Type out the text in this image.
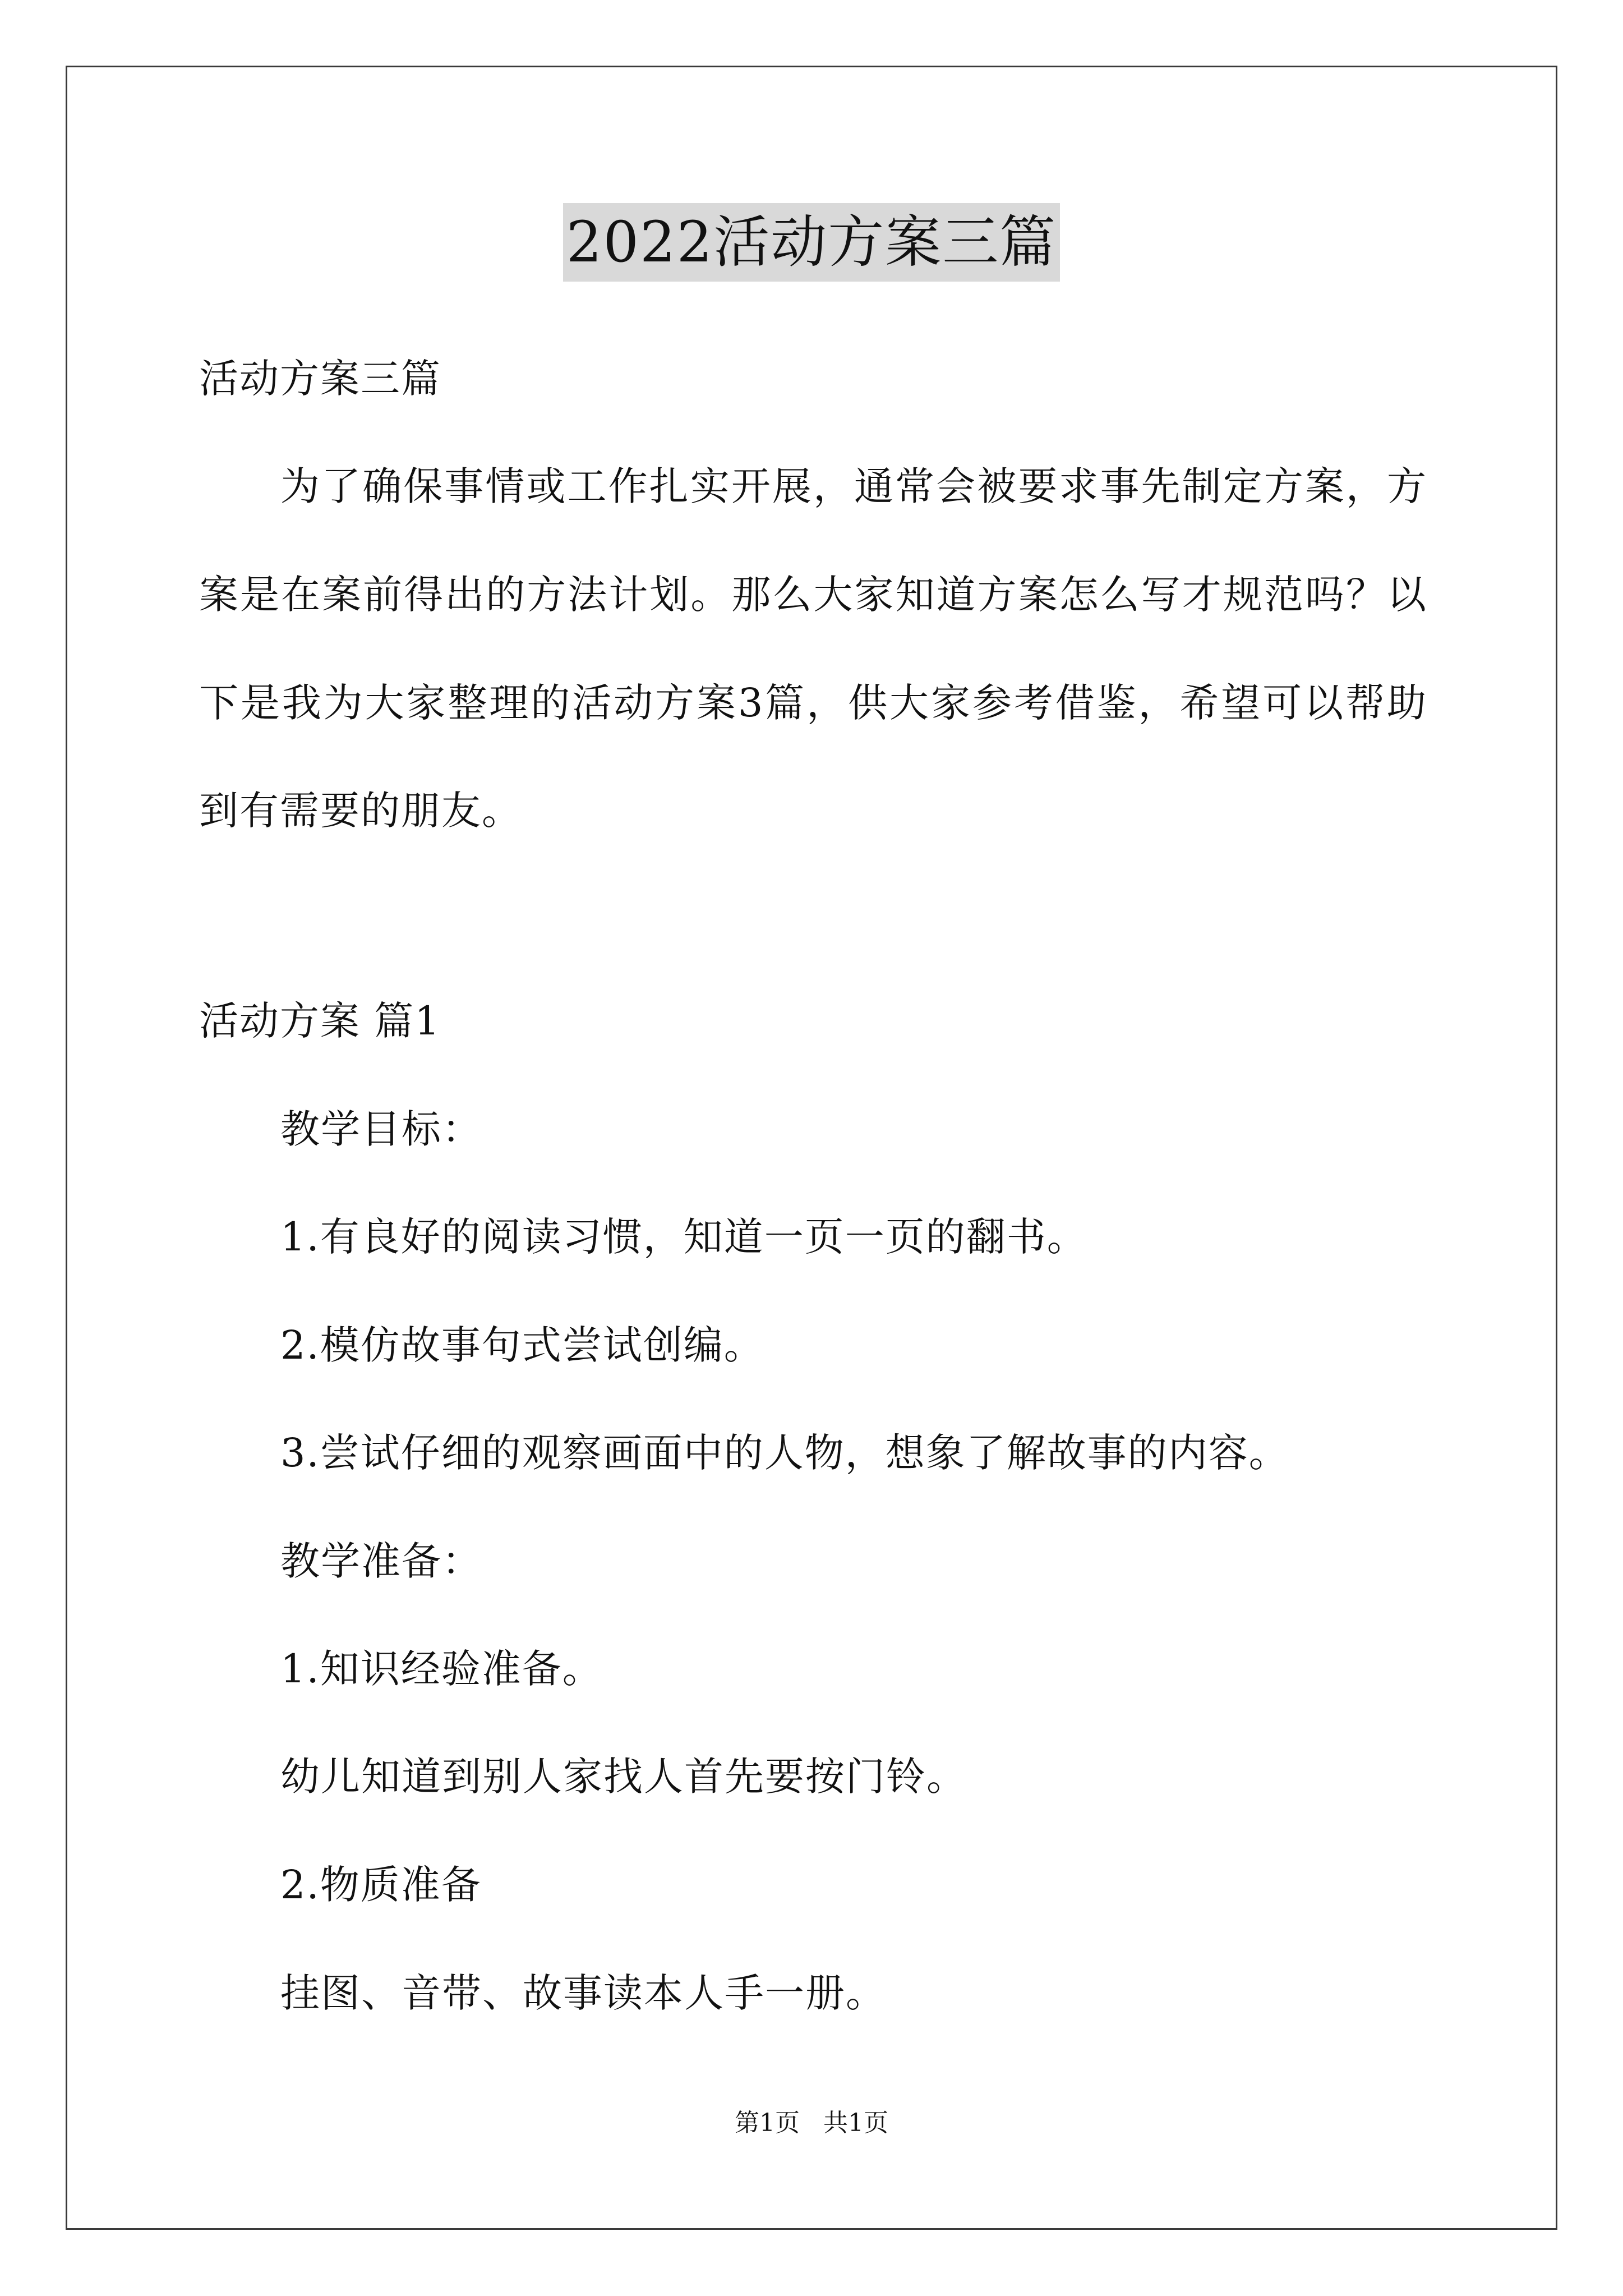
2022活动方案三篇
活动方案三篇
为了确保事情或工作扎实开展，通常会被要求事先制定方案，方
案是在案前得出的方法计划。那么大家知道方案怎么写才规范吗？以
下是我为大家整理的活动方案3篇，供大家参考借鉴，希望可以帮助
到有需要的朋友。
活动方案 篇1
教学目标：
1.有良好的阅读习惯，知道一页一页的翻书。
2.模仿故事句式尝试创编。
3.尝试仔细的观察画面中的人物，想象了解故事的内容。
教学准备：
1.知识经验准备。
幼儿知道到别人家找人首先要按门铃。
2.物质准备
挂图、音带、故事读本人手一册。
第1页 共1页
